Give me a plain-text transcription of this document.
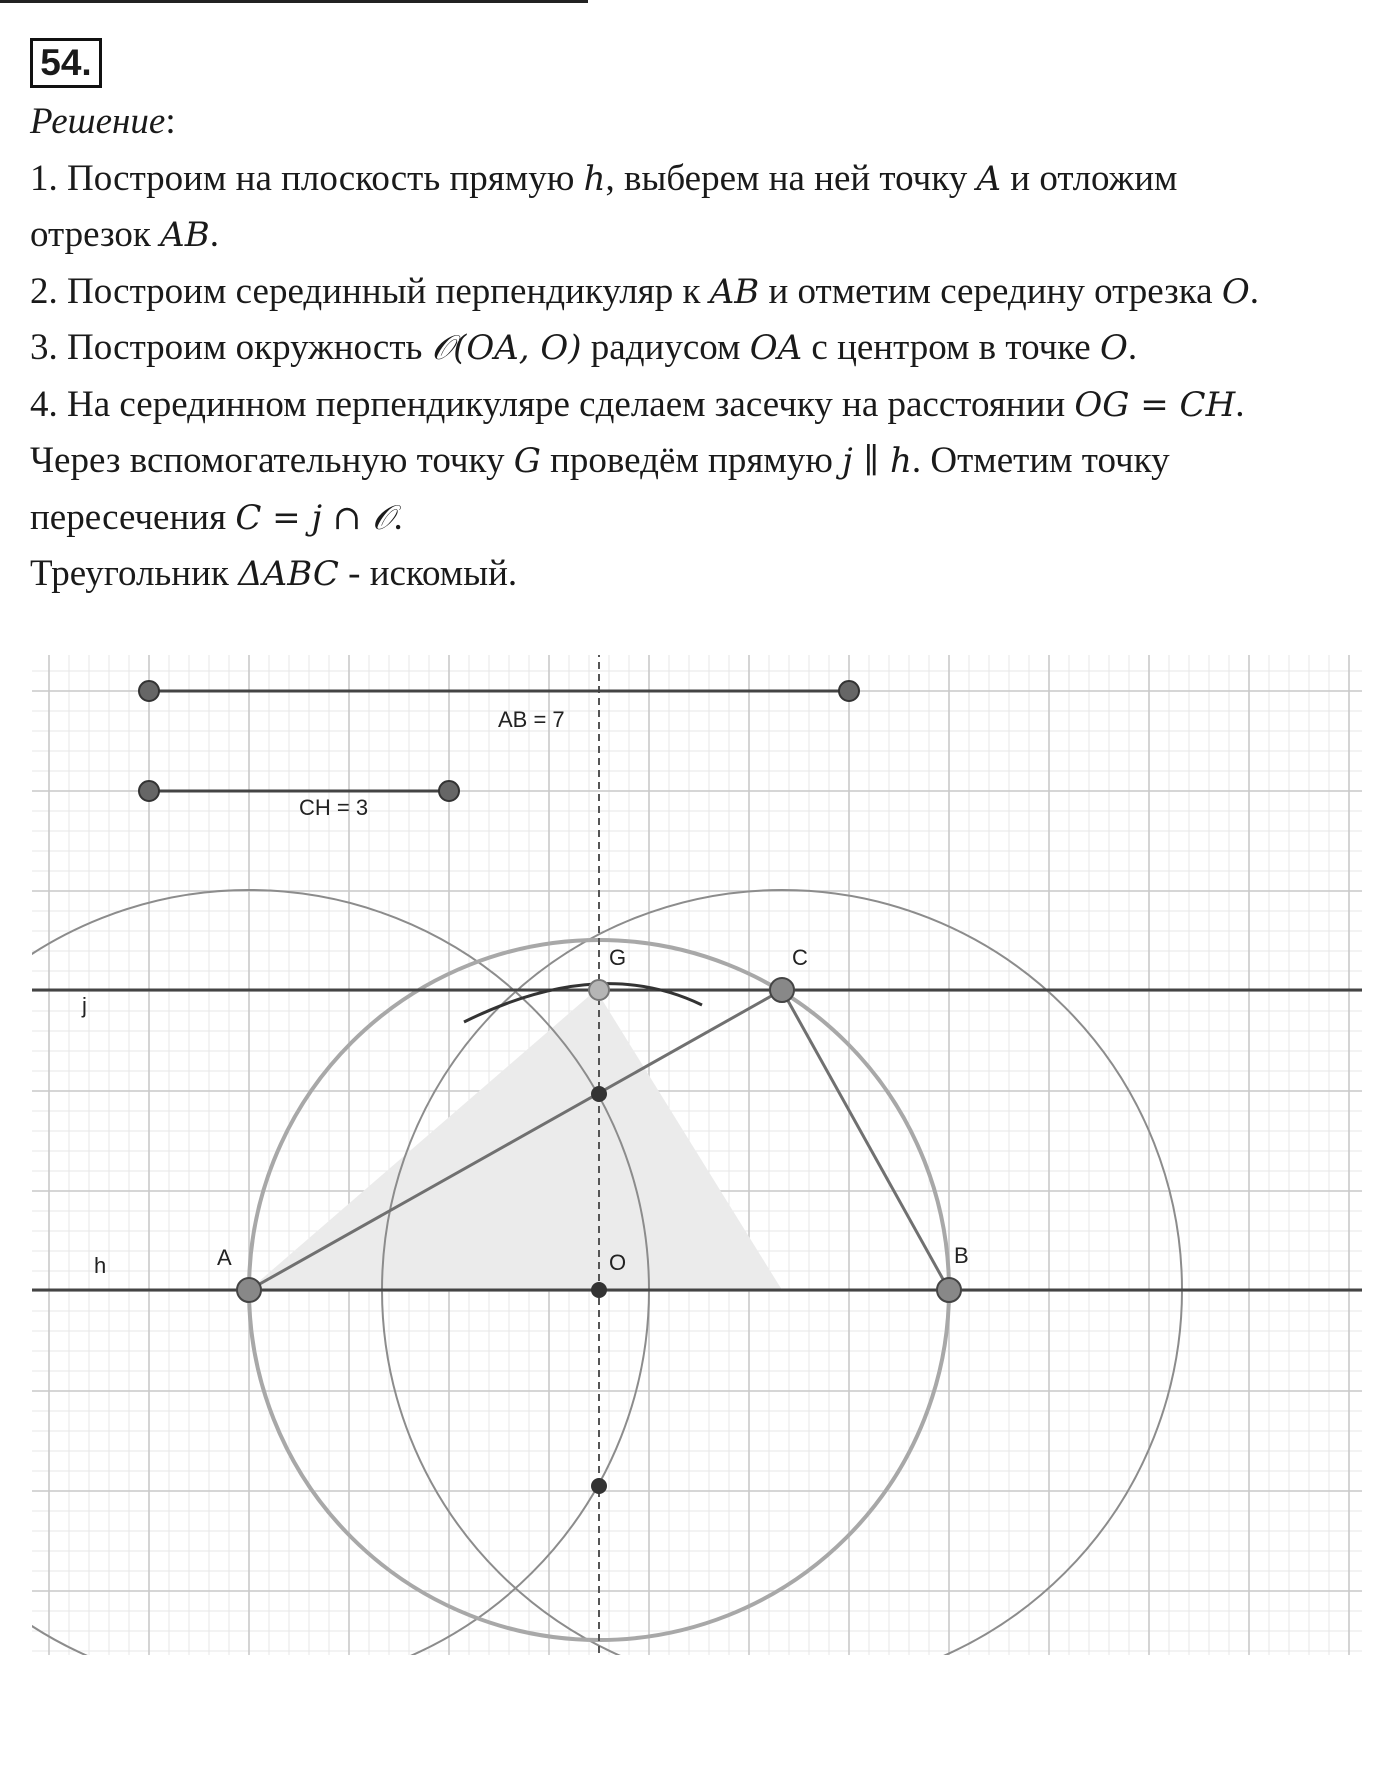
54.
Решение:
1. Построим на плоскость прямую h, выберем на ней точку A и отложим
отрезок AB.
2. Построим серединный перпендикуляр к AB и отметим середину отрезка O.
3. Построим окружность 𝒪(OA, O) радиусом OA с центром в точке O.
4. На серединном перпендикуляре сделаем засечку на расстоянии OG = CH.
Через вспомогательную точку G проведём прямую j ∥ h. Отметим точку
пересечения C = j ∩ 𝒪.
Треугольник ΔABC - искомый.
AB = 7
CH = 3
j
h	A	B
C
O
G
